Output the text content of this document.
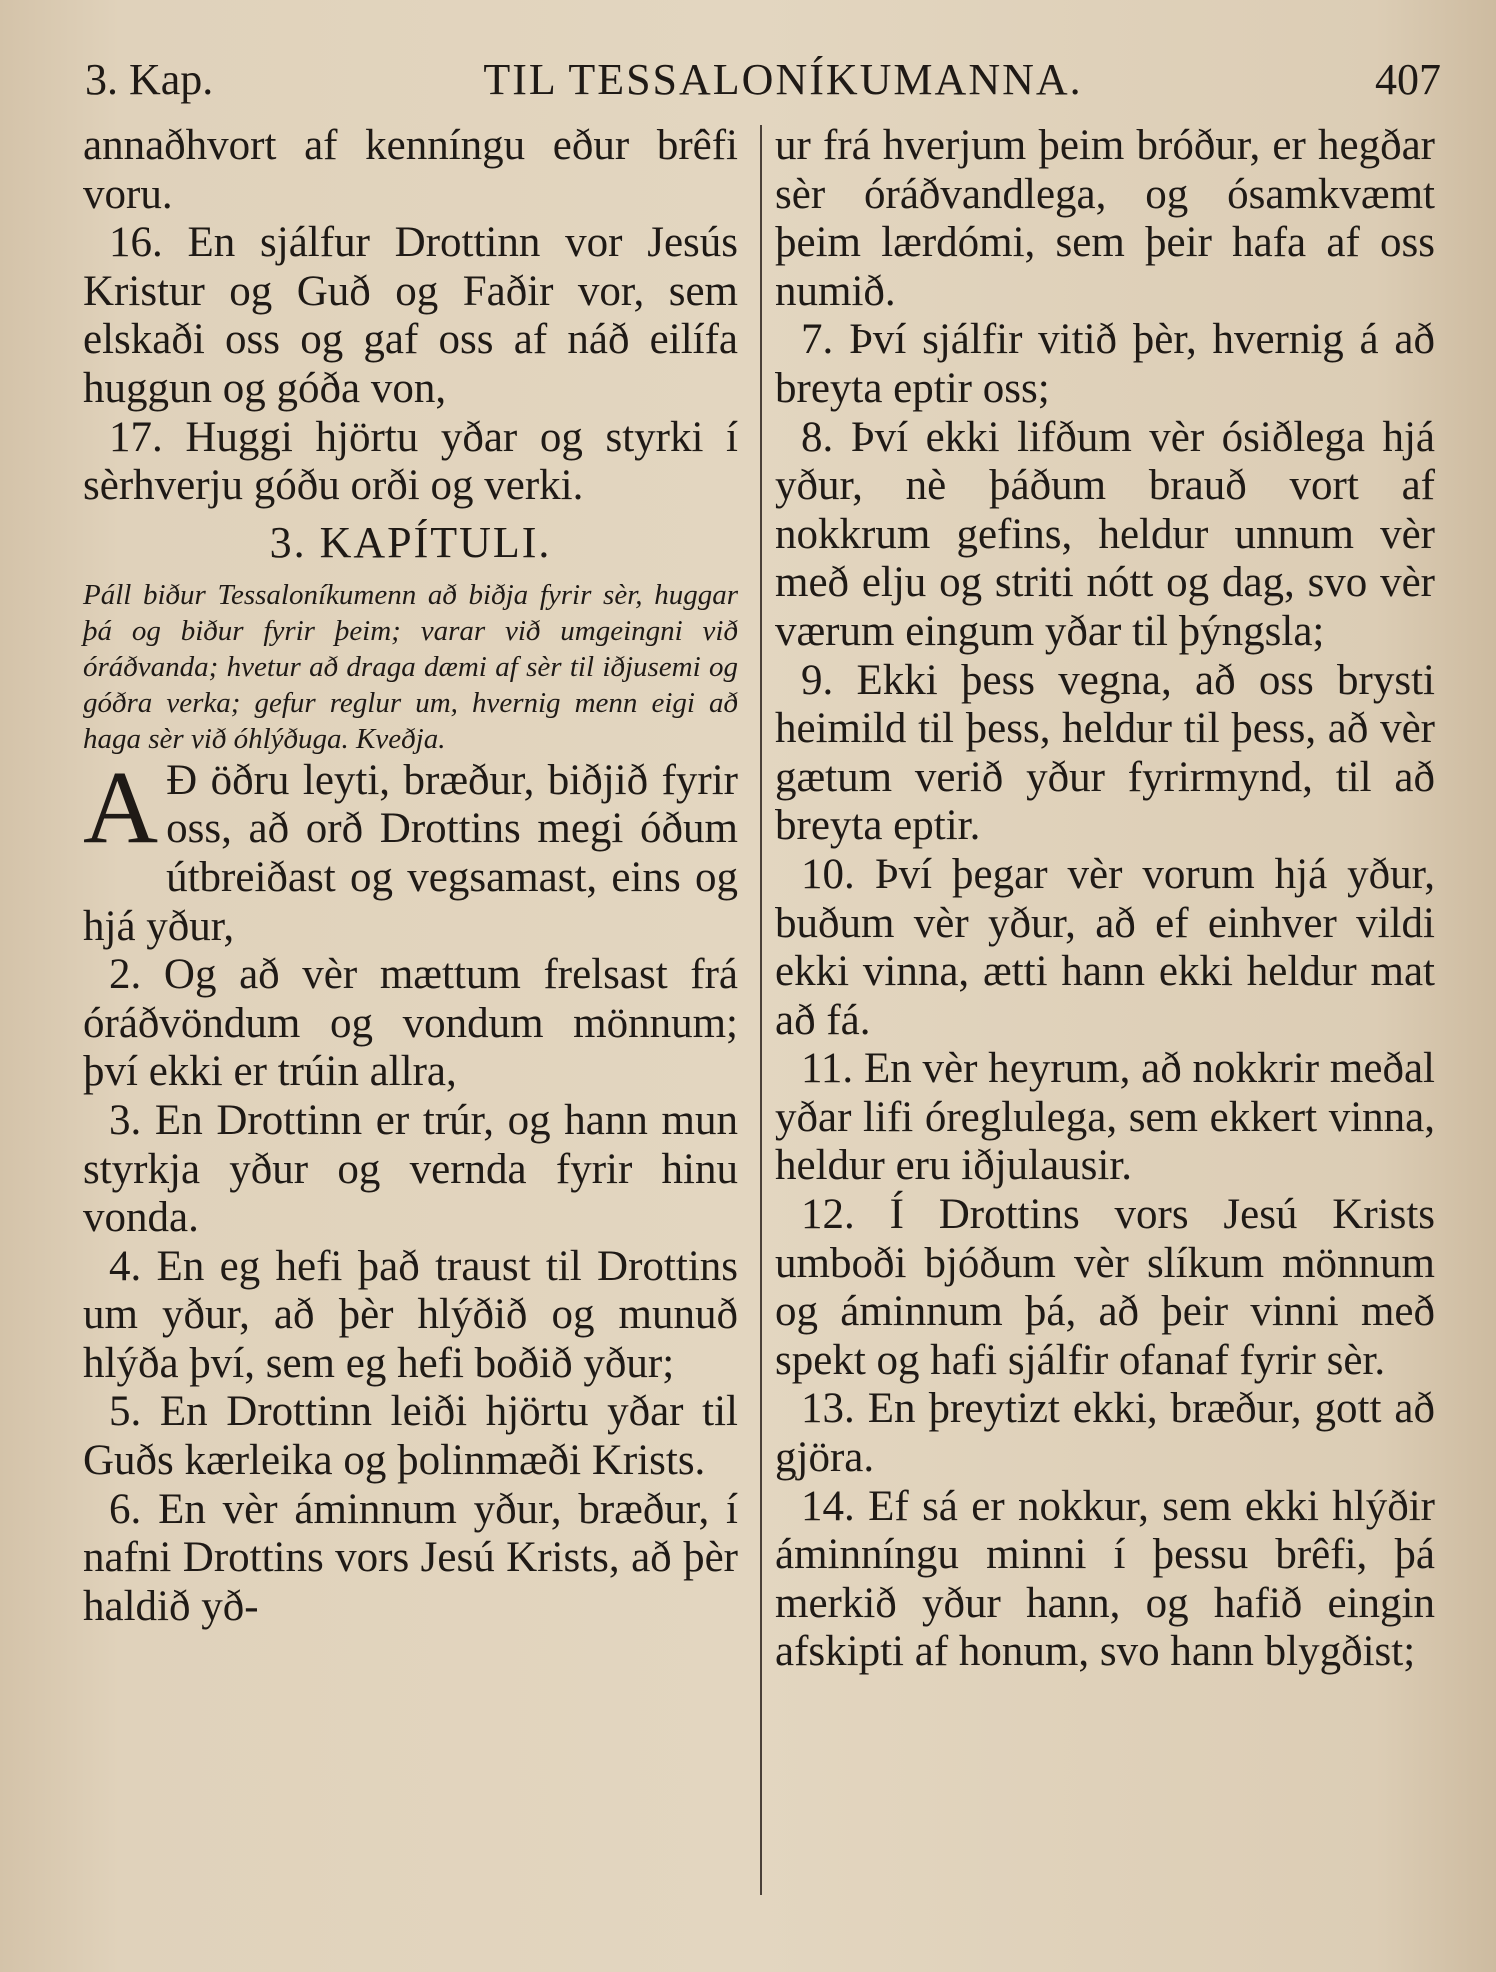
3. Kap.	TIL TESSALONÍKUMANNA.	407

annaðhvort af kenníngu eður brêfi voru.

16. En sjálfur Drottinn vor Jesús Kristur og Guð og Faðir vor, sem elskaði oss og gaf oss af náð eilífa huggun og góða von,

17. Huggi hjörtu yðar og styrki í sèrhverju góðu orði og verki.

3. KAPÍTULI.

Páll biður Tessaloníkumenn að biðja fyrir sèr, huggar þá og biður fyrir þeim; varar við umgeingni við óráðvanda; hvetur að draga dæmi af sèr til iðjusemi og góðra verka; gefur reglur um, hvernig menn eigi að haga sèr við óhlýðuga. Kveðja.

A Ð öðru leyti, bræður, biðjið fyrir oss, að orð Drottins megi óðum útbreiðast og vegsamast, eins og hjá yður,

2. Og að vèr mættum frelsast frá óráðvöndum og vondum mönnum; því ekki er trúin allra,

3. En Drottinn er trúr, og hann mun styrkja yður og vernda fyrir hinu vonda.

4. En eg hefi það traust til Drottins um yður, að þèr hlýðið og munuð hlýða því, sem eg hefi boðið yður;

5. En Drottinn leiði hjörtu yðar til Guðs kærleika og þolinmæði Krists.

6. En vèr áminnum yður, bræður, í nafni Drottins vors Jesú Krists, að þèr haldið yð-

ur frá hverjum þeim bróður, er hegðar sèr óráðvandlega, og ósamkvæmt þeim lærdómi, sem þeir hafa af oss numið.

7. Því sjálfir vitið þèr, hvernig á að breyta eptir oss;

8. Því ekki lifðum vèr ósiðlega hjá yður, nè þáðum brauð vort af nokkrum gefins, heldur unnum vèr með elju og striti nótt og dag, svo vèr værum eingum yðar til þýngsla;

9. Ekki þess vegna, að oss brysti heimild til þess, heldur til þess, að vèr gætum verið yður fyrirmynd, til að breyta eptir.

10. Því þegar vèr vorum hjá yður, buðum vèr yður, að ef einhver vildi ekki vinna, ætti hann ekki heldur mat að fá.

11. En vèr heyrum, að nokkrir meðal yðar lifi óreglulega, sem ekkert vinna, heldur eru iðjulausir.

12. Í Drottins vors Jesú Krists umboði bjóðum vèr slíkum mönnum og áminnum þá, að þeir vinni með spekt og hafi sjálfir ofanaf fyrir sèr.

13. En þreytizt ekki, bræður, gott að gjöra.

14. Ef sá er nokkur, sem ekki hlýðir áminníngu minni í þessu brêfi, þá merkið yður hann, og hafið eingin afskipti af honum, svo hann blygðist;
